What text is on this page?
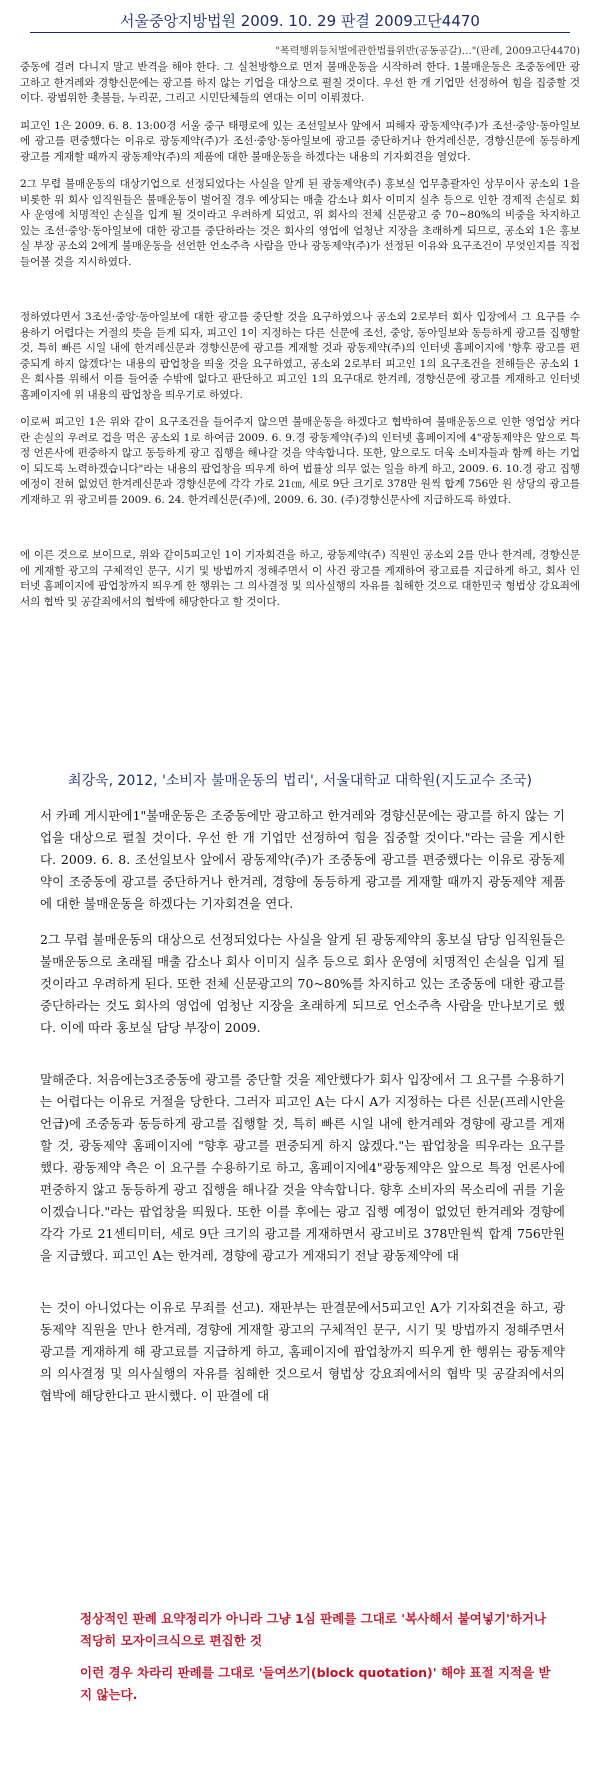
서울중앙지방법원 2009. 10. 29 판결 2009고단4470
"폭력행위등처벌에관한법률위반(공동공갈)…"(판례, 2009고단4470)

중동에 걸려 다니지 말고 반격을 해야 한다. 그 실천방향으로 먼저 불매운동을 시작하려 한다. 1불매운동은 조중동에만 광고하고 한겨레와 경향신문에는 광고를 하지 않는 기업을 대상으로 펼칠 것이다. 우선 한 개 기업만 선정하여 힘을 집중할 것이다. 광범위한 촛불들, 누리꾼, 그리고 시민단체들의 연대는 이미 이뤄졌다.

피고인 1은 2009. 6. 8. 13:00경 서울 중구 태평로에 있는 조선일보사 앞에서 피해자 광동제약(주)가 조선·중앙·동아일보에 광고를 편중했다는 이유로 광동제약(주)가 조선·중앙·동아일보에 광고를 중단하거나 한겨레신문, 경향신문에 동등하게 광고를 게재할 때까지 광동제약(주)의 제품에 대한 불매운동을 하겠다는 내용의 기자회견을 열었다.

2그 무렵 불매운동의 대상기업으로 선정되었다는 사실을 알게 된 광동제약(주) 홍보실 업무총괄자인 상무이사 공소외 1을 비롯한 위 회사 임직원들은 불매운동이 벌어질 경우 예상되는 매출 감소나 회사 이미지 실추 등으로 인한 경제적 손실로 회사 운영에 치명적인 손실을 입게 될 것이라고 우려하게 되었고, 위 회사의 전체 신문광고 중 70~80%의 비중을 차지하고 있는 조선·중앙·동아일보에 대한 광고를 중단하라는 것은 회사의 영업에 엄청난 지장을 초래하게 되므로, 공소외 1은 홍보실 부장 공소외 2에게 불매운동을 선언한 언소주측 사람을 만나 광동제약(주)가 선정된 이유와 요구조건이 무엇인지를 직접 들어볼 것을 지시하였다.

정하였다면서 3조선·중앙·동아일보에 대한 광고를 중단할 것을 요구하였으나 공소외 2로부터 회사 입장에서 그 요구를 수용하기 어렵다는 거절의 뜻을 듣게 되자, 피고인 1이 지정하는 다른 신문에 조선, 중앙, 동아일보와 동등하게 광고를 집행할 것, 특히 빠른 시일 내에 한겨레신문과 경향신문에 광고를 게재할 것과 광동제약(주)의 인터넷 홈페이지에 '향후 광고를 편중되게 하지 않겠다'는 내용의 팝업창을 띄울 것을 요구하였고, 공소외 2로부터 피고인 1의 요구조건을 전해들은 공소외 1은 회사를 위해서 이를 들어줄 수밖에 없다고 판단하고 피고인 1의 요구대로 한겨레, 경향신문에 광고를 게재하고 인터넷 홈페이지에 위 내용의 팝업창을 띄우기로 하였다.

이로써 피고인 1은 위와 같이 요구조건을 들어주지 않으면 불매운동을 하겠다고 협박하여 불매운동으로 인한 영업상 커다란 손실의 우려로 겁을 먹은 공소외 1로 하여금 2009. 6. 9.경 광동제약(주)의 인터넷 홈페이지에 4"광동제약은 앞으로 특정 언론사에 편중하지 않고 동등하게 광고 집행을 해나갈 것을 약속합니다. 또한, 앞으로도 더욱 소비자들과 함께 하는 기업이 되도록 노력하겠습니다"라는 내용의 팝업창을 띄우게 하여 법률상 의무 없는 일을 하게 하고, 2009. 6. 10.경 광고 집행 예정이 전혀 없었던 한겨레신문과 경향신문에 각각 가로 21㎝, 세로 9단 크기로 378만 원씩 합계 756만 원 상당의 광고를 게재하고 위 광고비를 2009. 6. 24. 한겨레신문(주)에, 2009. 6. 30. (주)경향신문사에 지급하도록 하였다.

에 이른 것으로 보이므로, 위와 같이5피고인 1이 기자회견을 하고, 광동제약(주) 직원인 공소외 2를 만나 한겨레, 경향신문에 게재할 광고의 구체적인 문구, 시기 및 방법까지 정해주면서 이 사건 광고를 게재하여 광고료를 지급하게 하고, 회사 인터넷 홈페이지에 팝업창까지 띄우게 한 행위는 그 의사결정 및 의사실행의 자유를 침해한 것으로 대한민국 형법상 강요죄에서의 협박 및 공갈죄에서의 협박에 해당한다고 할 것이다.

최강욱, 2012, '소비자 불매운동의 법리', 서울대학교 대학원(지도교수 조국)

서 카페 게시판에1"불매운동은 조중동에만 광고하고 한겨레와 경향신문에는 광고를 하지 않는 기업을 대상으로 펼칠 것이다. 우선 한 개 기업만 선정하여 힘을 집중할 것이다."라는 글을 게시한다. 2009. 6. 8. 조선일보사 앞에서 광동제약(주)가 조중동에 광고를 편중했다는 이유로 광동제약이 조중동에 광고를 중단하거나 한겨레, 경향에 동등하게 광고를 게재할 때까지 광동제약 제품에 대한 불매운동을 하겠다는 기자회견을 연다.

2그 무렵 불매운동의 대상으로 선정되었다는 사실을 알게 된 광동제약의 홍보실 담당 임직원들은 불매운동으로 초래될 매출 감소나 회사 이미지 실추 등으로 회사 운영에 치명적인 손실을 입게 될 것이라고 우려하게 된다. 또한 전체 신문광고의 70~80%를 차지하고 있는 조중동에 대한 광고를 중단하라는 것도 회사의 영업에 엄청난 지장을 초래하게 되므로 언소주측 사람을 만나보기로 했다. 이에 따라 홍보실 담당 부장이 2009.

말해준다. 처음에는3조중동에 광고를 중단할 것을 제안했다가 회사 입장에서 그 요구를 수용하기는 어렵다는 이유로 거절을 당한다. 그러자 피고인 A는 다시 A가 지정하는 다른 신문(프레시안을 언급)에 조중동과 동등하게 광고를 집행할 것, 특히 빠른 시일 내에 한겨레와 경향에 광고를 게재할 것, 광동제약 홈페이지에 "향후 광고를 편중되게 하지 않겠다."는 팝업창을 띄우라는 요구를 했다. 광동제약 측은 이 요구를 수용하기로 하고, 홈페이지에4"광동제약은 앞으로 특정 언론사에 편중하지 않고 동등하게 광고 집행을 해나갈 것을 약속합니다. 향후 소비자의 목소리에 귀를 기울이겠습니다."라는 팝업창을 띄웠다. 또한 이를 후에는 광고 집행 예정이 없었던 한겨레와 경향에 각각 가로 21센티미터, 세로 9단 크기의 광고를 게재하면서 광고비로 378만원씩 합계 756만원을 지급했다. 피고인 A는 한겨레, 경향에 광고가 게재되기 전날 광동제약에 대

는 것이 아니었다는 이유로 무죄를 선고). 재판부는 판결문에서5피고인 A가 기자회견을 하고, 광동제약 직원을 만나 한겨레, 경향에 게재할 광고의 구체적인 문구, 시기 및 방법까지 정해주면서 광고를 게재하게 해 광고료를 지급하게 하고, 홈페이지에 팝업창까지 띄우게 한 행위는 광동제약의 의사결정 및 의사실행의 자유를 침해한 것으로서 형법상 강요죄에서의 협박 및 공갈죄에서의 협박에 해당한다고 판시했다. 이 판결에 대

정상적인 판례 요약정리가 아니라 그냥 1심 판례를 그대로 '복사해서 붙여넣기'하거나 적당히 모자이크식으로 편집한 것

이런 경우 차라리 판례를 그대로 '들여쓰기(block quotation)' 해야 표절 지적을 받지 않는다.
